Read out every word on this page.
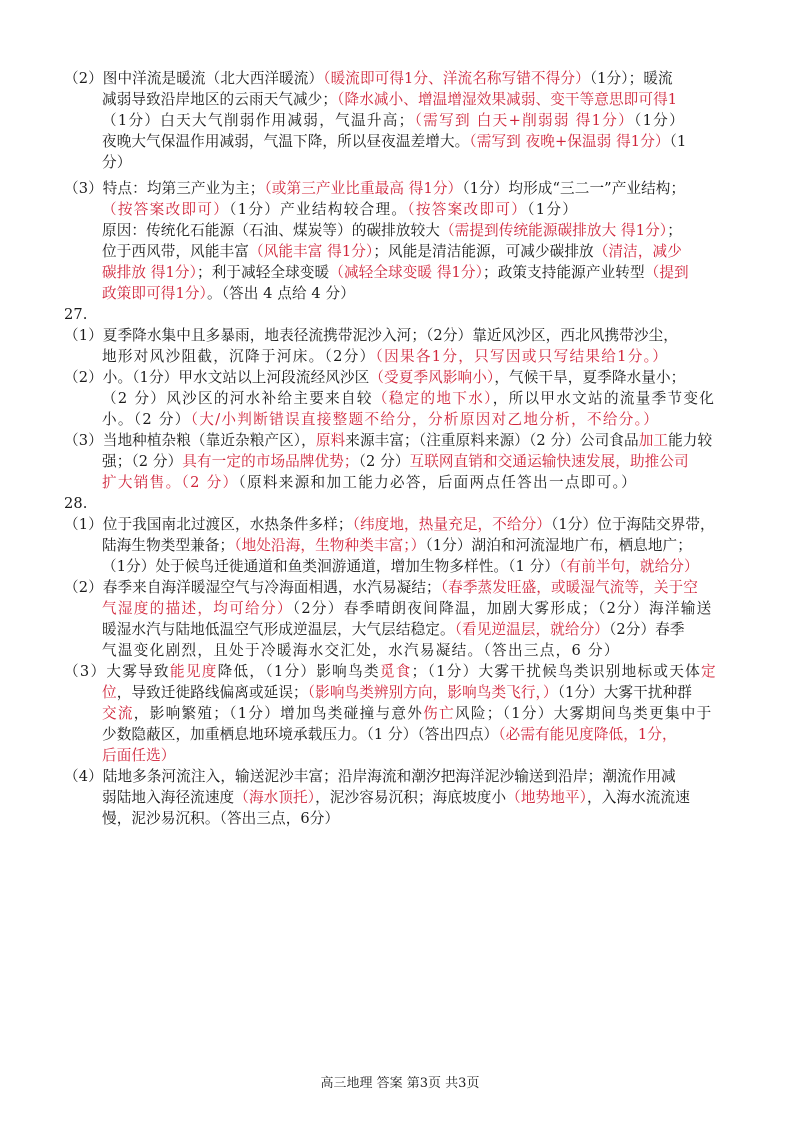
（2）图中洋流是暖流（北大西洋暖流）（暖流即可得1分、洋流名称写错不得分）（1分）；暖流
减弱导致沿岸地区的云雨天气减少；（降水减小、增温增湿效果减弱、变干等意思即可得1
（1分）白天大气削弱作用减弱，气温升高；（需写到 白天+削弱弱 得1分）（1分）
夜晚大气保温作用减弱，气温下降，所以昼夜温差增大。（需写到 夜晚+保温弱 得1分）（1
分）
（3）特点：均第三产业为主；（或第三产业比重最高 得1分）（1分）均形成“三二一”产业结构；
（按答案改即可）（1分）产业结构较合理。（按答案改即可）（1分）
原因：传统化石能源（石油、煤炭等）的碳排放较大（需提到传统能源碳排放大 得1分）；
位于西风带，风能丰富（风能丰富 得1分）；风能是清洁能源，可减少碳排放（清洁，减少
碳排放 得1分）；利于减轻全球变暖（减轻全球变暖 得1分）；政策支持能源产业转型（提到
政策即可得1分）。（答出 4 点给 4 分）
27.
（1）夏季降水集中且多暴雨，地表径流携带泥沙入河；（2分）靠近风沙区，西北风携带沙尘，
地形对风沙阻截，沉降于河床。（2分）（因果各1分，只写因或只写结果给1分。）
（2）小。（1分）甲水文站以上河段流经风沙区（受夏季风影响小），气候干旱，夏季降水量小；
（2 分）风沙区的河水补给主要来自较（稳定的地下水），所以甲水文站的流量季节变化
小。（2 分）（大/小判断错误直接整题不给分，分析原因对乙地分析，不给分。）
（3）当地种植杂粮（靠近杂粮产区），原料来源丰富；（注重原料来源）（2 分）公司食品加工能力较
强；（2 分）具有一定的市场品牌优势；（2 分）互联网直销和交通运输快速发展，助推公司
扩大销售。（2 分）（原料来源和加工能力必答，后面两点任答出一点即可。）
28.
（1）位于我国南北过渡区，水热条件多样；（纬度地，热量充足，不给分）（1分）位于海陆交界带，
陆海生物类型兼备；（地处沿海，生物种类丰富；）（1分）湖泊和河流湿地广布，栖息地广；
（1分）处于候鸟迁徙通道和鱼类洄游通道，增加生物多样性。（1 分）（有前半句，就给分）
（2）春季来自海洋暖湿空气与冷海面相遇，水汽易凝结；（春季蒸发旺盛，或暖湿气流等，关于空
气湿度的描述，均可给分）（2分）春季晴朗夜间降温，加剧大雾形成；（2分）海洋输送
暖湿水汽与陆地低温空气形成逆温层，大气层结稳定。（看见逆温层，就给分）（2分）春季
气温变化剧烈，且处于冷暖海水交汇处，水汽易凝结。（答出三点，6 分）
（3）大雾导致能见度降低，（1分）影响鸟类觅食；（1分）大雾干扰候鸟类识别地标或天体定
位，导致迁徙路线偏离或延误；（影响鸟类辨别方向，影响鸟类飞行，）（1分）大雾干扰种群
交流，影响繁殖；（1分）增加鸟类碰撞与意外伤亡风险；（1分）大雾期间鸟类更集中于
少数隐蔽区，加重栖息地环境承载压力。（1 分）（答出四点）（必需有能见度降低，1分，
后面任选）
（4）陆地多条河流注入，输送泥沙丰富；沿岸海流和潮汐把海洋泥沙输送到沿岸；潮流作用减
弱陆地入海径流速度（海水顶托），泥沙容易沉积；海底坡度小（地势地平），入海水流流速
慢，泥沙易沉积。（答出三点，6分）
高三地理 答案 第3页 共3页
